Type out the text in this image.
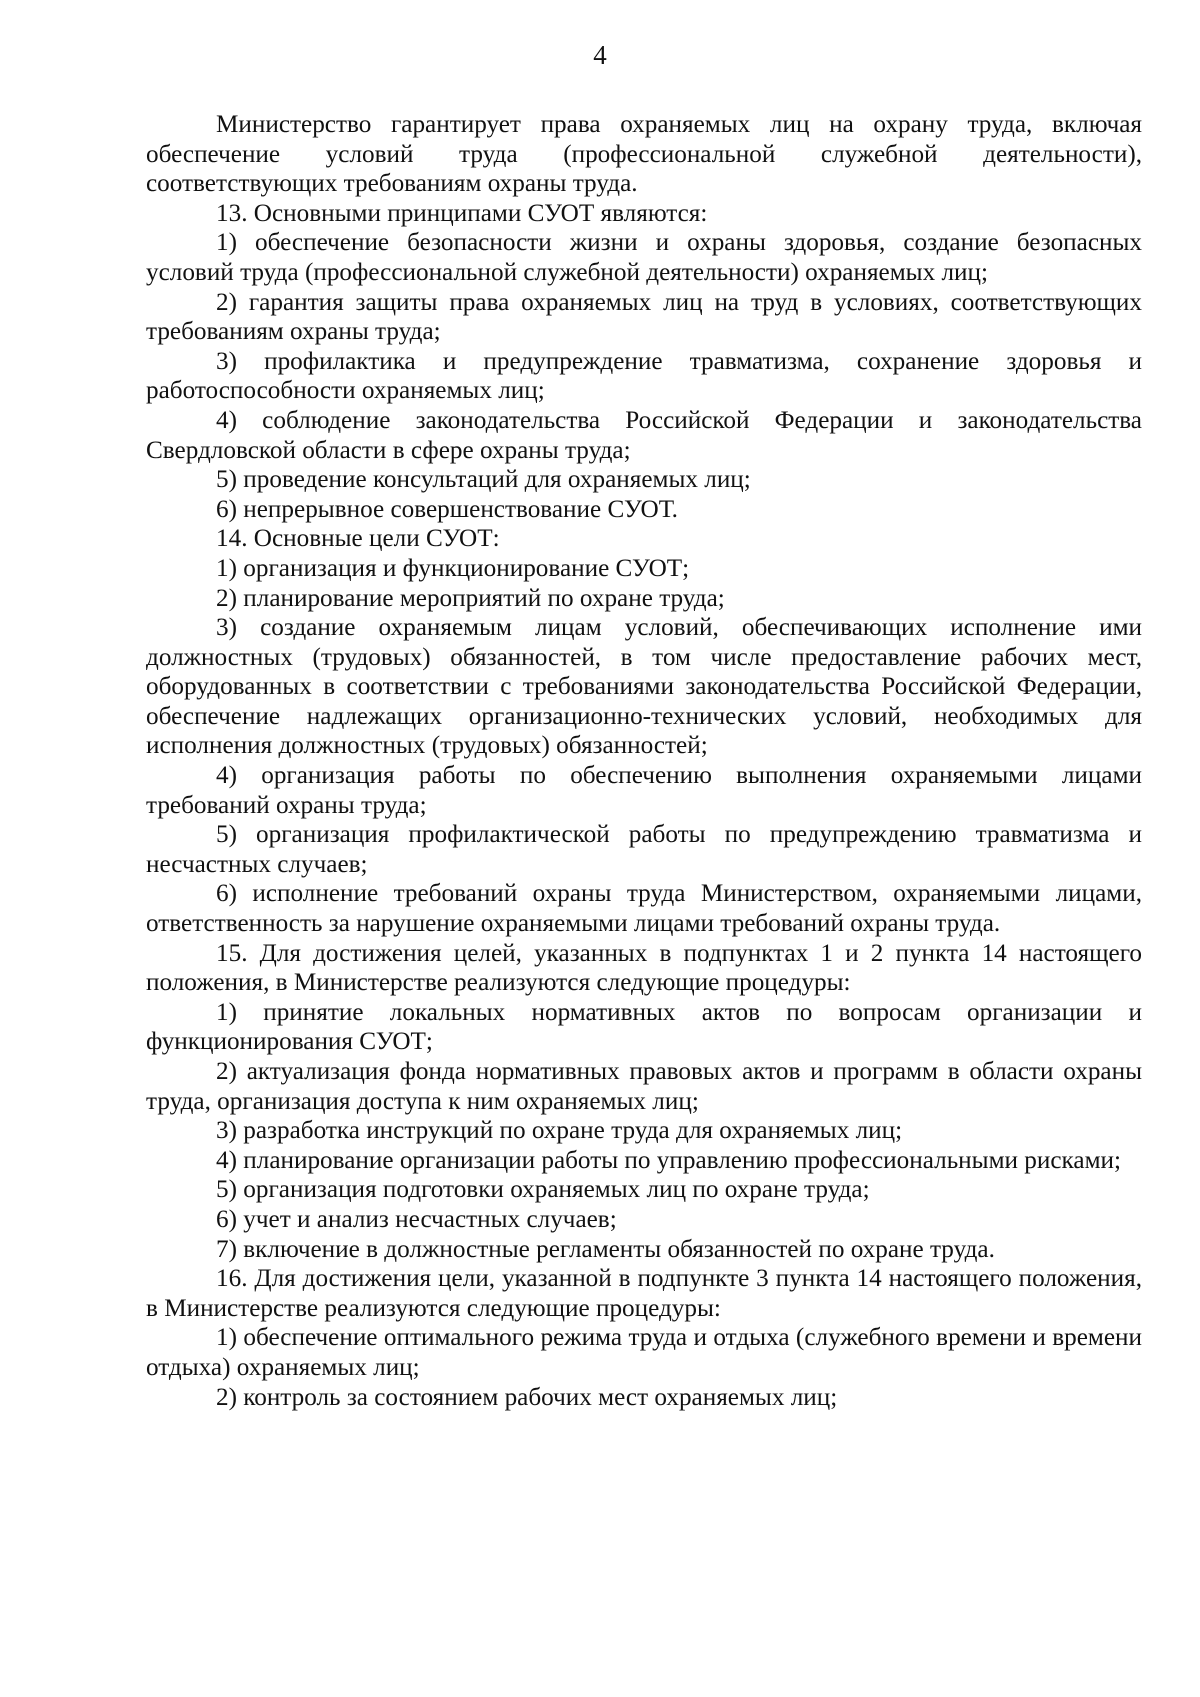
4

Министерство гарантирует права охраняемых лиц на охрану труда, включая обеспечение условий труда (профессиональной служебной деятельности), соответствующих требованиям охраны труда.

13. Основными принципами СУОТ являются:

1) обеспечение безопасности жизни и охраны здоровья, создание безопасных условий труда (профессиональной служебной деятельности) охраняемых лиц;

2) гарантия защиты права охраняемых лиц на труд в условиях, соответствующих требованиям охраны труда;

3) профилактика и предупреждение травматизма, сохранение здоровья и работоспособности охраняемых лиц;

4) соблюдение законодательства Российской Федерации и законодательства Свердловской области в сфере охраны труда;

5) проведение консультаций для охраняемых лиц;

6) непрерывное совершенствование СУОТ.

14. Основные цели СУОТ:

1) организация и функционирование СУОТ;

2) планирование мероприятий по охране труда;

3) создание охраняемым лицам условий, обеспечивающих исполнение ими должностных (трудовых) обязанностей, в том числе предоставление рабочих мест, оборудованных в соответствии с требованиями законодательства Российской Федерации, обеспечение надлежащих организационно-технических условий, необходимых для исполнения должностных (трудовых) обязанностей;

4) организация работы по обеспечению выполнения охраняемыми лицами требований охраны труда;

5) организация профилактической работы по предупреждению травматизма и несчастных случаев;

6) исполнение требований охраны труда Министерством, охраняемыми лицами, ответственность за нарушение охраняемыми лицами требований охраны труда.

15. Для достижения целей, указанных в подпунктах 1 и 2 пункта 14 настоящего положения, в Министерстве реализуются следующие процедуры:

1) принятие локальных нормативных актов по вопросам организации и функционирования СУОТ;

2) актуализация фонда нормативных правовых актов и программ в области охраны труда, организация доступа к ним охраняемых лиц;

3) разработка инструкций по охране труда для охраняемых лиц;

4) планирование организации работы по управлению профессиональными рисками;

5) организация подготовки охраняемых лиц по охране труда;

6) учет и анализ несчастных случаев;

7) включение в должностные регламенты обязанностей по охране труда.

16. Для достижения цели, указанной в подпункте 3 пункта 14 настоящего положения, в Министерстве реализуются следующие процедуры:

1) обеспечение оптимального режима труда и отдыха (служебного времени и времени отдыха) охраняемых лиц;

2) контроль за состоянием рабочих мест охраняемых лиц;
